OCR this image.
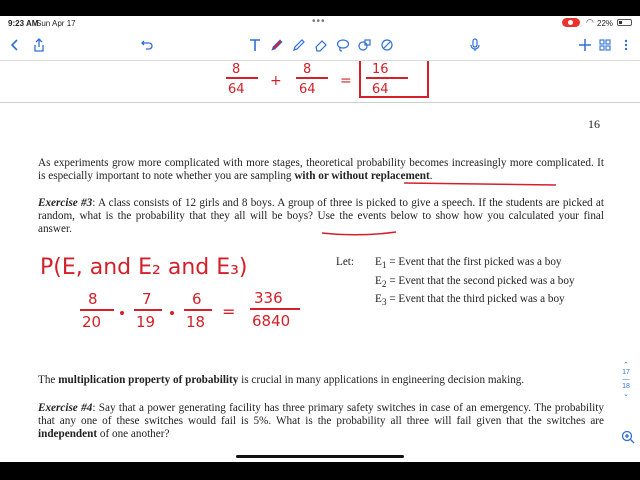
9:23 AM
Sun Apr 17	•••	◠ 22%
16

As experiments grow more complicated with more stages, theoretical probability becomes increasingly more complicated. It is especially important to note whether you are sampling with or without replacement.

Exercise #3: A class consists of 12 girls and 8 boys. A group of three is picked to give a speech. If the students are picked at random, what is the probability that they all will be boys? Use the events below to show how you calculated your final answer.

Let: $E_1$ = Event that the first picked was a boy
$E_2$ = Event that the second picked was a boy
$E_3$ = Event that the third picked was a boy

The multiplication property of probability is crucial in many applications in engineering decision making.

Exercise #4: Say that a power generating facility has three primary safety switches in case of an emergency. The probability that any one of these switches would fail is 5%. What is the probability all three will fail given that the switches are independent of one another?

8
64
+
8
64
=
16
64
P(E, and E₂ and E₃)
8
20
7
19
6
18
=
336
6840
⌃
17
―
18
⌄
